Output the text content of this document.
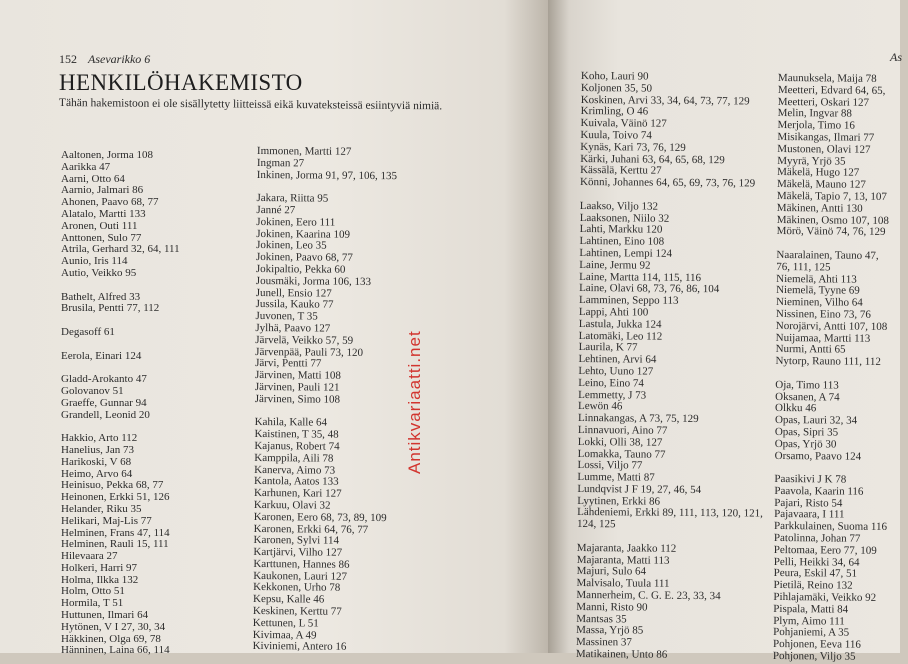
152 Asevarikko 6
HENKILÖHAKEMISTO

Tähän hakemistoon ei ole sisällytetty liitteissä eikä kuvateksteissä esiintyviä nimiä.

Aaltonen, Jorma 108
Aarikka 47
Aarni, Otto 64
Aarnio, Jalmari 86
Ahonen, Paavo 68, 77
Alatalo, Martti 133
Aronen, Outi 111
Anttonen, Sulo 77
Atrila, Gerhard 32, 64, 111
Aunio, Iris 114
Autio, Veikko 95
Bathelt, Alfred 33
Brusila, Pentti 77, 112
Degasoff 61
Eerola, Einari 124
Gladd-Arokanto 47
Golovanov 51
Graeffe, Gunnar 94
Grandell, Leonid 20
Hakkio, Arto 112
Hanelius, Jan 73
Harikoski, V 68
Heimo, Arvo 64
Heinisuo, Pekka 68, 77
Heinonen, Erkki 51, 126
Helander, Riku 35
Helikari, Maj-Lis 77
Helminen, Frans 47, 114
Helminen, Rauli 15, 111
Hilevaara 27
Holkeri, Harri 97
Holma, Ilkka 132
Holm, Otto 51
Hormila, T 51
Huttunen, Ilmari 64
Hytönen, V I 27, 30, 34
Häkkinen, Olga 69, 78
Hänninen, Laina 66, 114
Immonen, Martti 127
Ingman 27
Inkinen, Jorma 91, 97, 106, 135
Jakara, Riitta 95
Janné 27
Jokinen, Eero 111
Jokinen, Kaarina 109
Jokinen, Leo 35
Jokinen, Paavo 68, 77
Jokipaltio, Pekka 60
Jousmäki, Jorma 106, 133
Junell, Ensio 127
Jussila, Kauko 77
Juvonen, T 35
Jylhä, Paavo 127
Järvelä, Veikko 57, 59
Järvenpää, Pauli 73, 120
Järvi, Pentti 77
Järvinen, Matti 108
Järvinen, Pauli 121
Järvinen, Simo 108
Kahila, Kalle 64
Kaistinen, T 35, 48
Kajanus, Robert 74
Kamppila, Aili 78
Kanerva, Aimo 73
Kantola, Aatos 133
Karhunen, Kari 127
Karkuu, Olavi 32
Karonen, Eero 68, 73, 89, 109
Karonen, Erkki 64, 76, 77
Karonen, Sylvi 114
Kartjärvi, Vilho 127
Karttunen, Hannes 86
Kaukonen, Lauri 127
Kekkonen, Urho 78
Kepsu, Kalle 46
Keskinen, Kerttu 77
Kettunen, L 51
Kivimaa, A 49
Kiviniemi, Antero 16
Antikvariaatti.net
As
Koho, Lauri 90
Koljonen 35, 50
Koskinen, Arvi 33, 34, 64, 73, 77, 129
Krimling, O 46
Kuivala, Väinö 127
Kuula, Toivo 74
Kynäs, Kari 73, 76, 129
Kärki, Juhani 63, 64, 65, 68, 129
Kässälä, Kerttu 27
Könni, Johannes 64, 65, 69, 73, 76, 129
Laakso, Viljo 132
Laaksonen, Niilo 32
Lahti, Markku 120
Lahtinen, Eino 108
Lahtinen, Lempi 124
Laine, Jermu 92
Laine, Martta 114, 115, 116
Laine, Olavi 68, 73, 76, 86, 104
Lamminen, Seppo 113
Lappi, Ahti 100
Lastula, Jukka 124
Latomäki, Leo 112
Laurila, K 77
Lehtinen, Arvi 64
Lehto, Uuno 127
Leino, Eino 74
Lemmetty, J 73
Lewön 46
Linnakangas, A 73, 75, 129
Linnavuori, Aino 77
Lokki, Olli 38, 127
Lomakka, Tauno 77
Lossi, Viljo 77
Lumme, Matti 87
Lundqvist J F 19, 27, 46, 54
Lyytinen, Erkki 86
Lähdeniemi, Erkki 89, 111, 113, 120, 121, 124, 125
Majaranta, Jaakko 112
Majaranta, Matti 113
Majuri, Sulo 64
Malvisalo, Tuula 111
Mannerheim, C. G. E. 23, 33, 34
Manni, Risto 90
Mantsas 35
Massa, Yrjö 85
Massinen 37
Matikainen, Unto 86
Maunuksela, Maija 78
Meetteri, Edvard 64, 65,
Meetteri, Oskari 127
Melin, Ingvar 88
Merjola, Timo 16
Misikangas, Ilmari 77
Mustonen, Olavi 127
Myyrä, Yrjö 35
Mäkelä, Hugo 127
Mäkelä, Mauno 127
Mäkelä, Tapio 7, 13, 107
Mäkinen, Antti 130
Mäkinen, Osmo 107, 108
Mörö, Väinö 74, 76, 129
Naaralainen, Tauno 47,
76, 111, 125
Niemelä, Ahti 113
Niemelä, Tyyne 69
Nieminen, Vilho 64
Nissinen, Eino 73, 76
Norojärvi, Antti 107, 108
Nuijamaa, Martti 113
Nurmi, Antti 65
Nytorp, Rauno 111, 112
Oja, Timo 113
Oksanen, A 74
Olkku 46
Opas, Lauri 32, 34
Opas, Sipri 35
Opas, Yrjö 30
Orsamo, Paavo 124
Paasikivi J K 78
Paavola, Kaarin 116
Pajari, Risto 54
Pajavaara, I 111
Parkkulainen, Suoma 116
Patolinna, Johan 77
Peltomaa, Eero 77, 109
Pelli, Heikki 34, 64
Peura, Eskil 47, 51
Pietilä, Reino 132
Pihlajamäki, Veikko 92
Pispala, Matti 84
Plym, Aimo 111
Pohjaniemi, A 35
Pohjonen, Eeva 116
Pohjonen, Viljo 35
